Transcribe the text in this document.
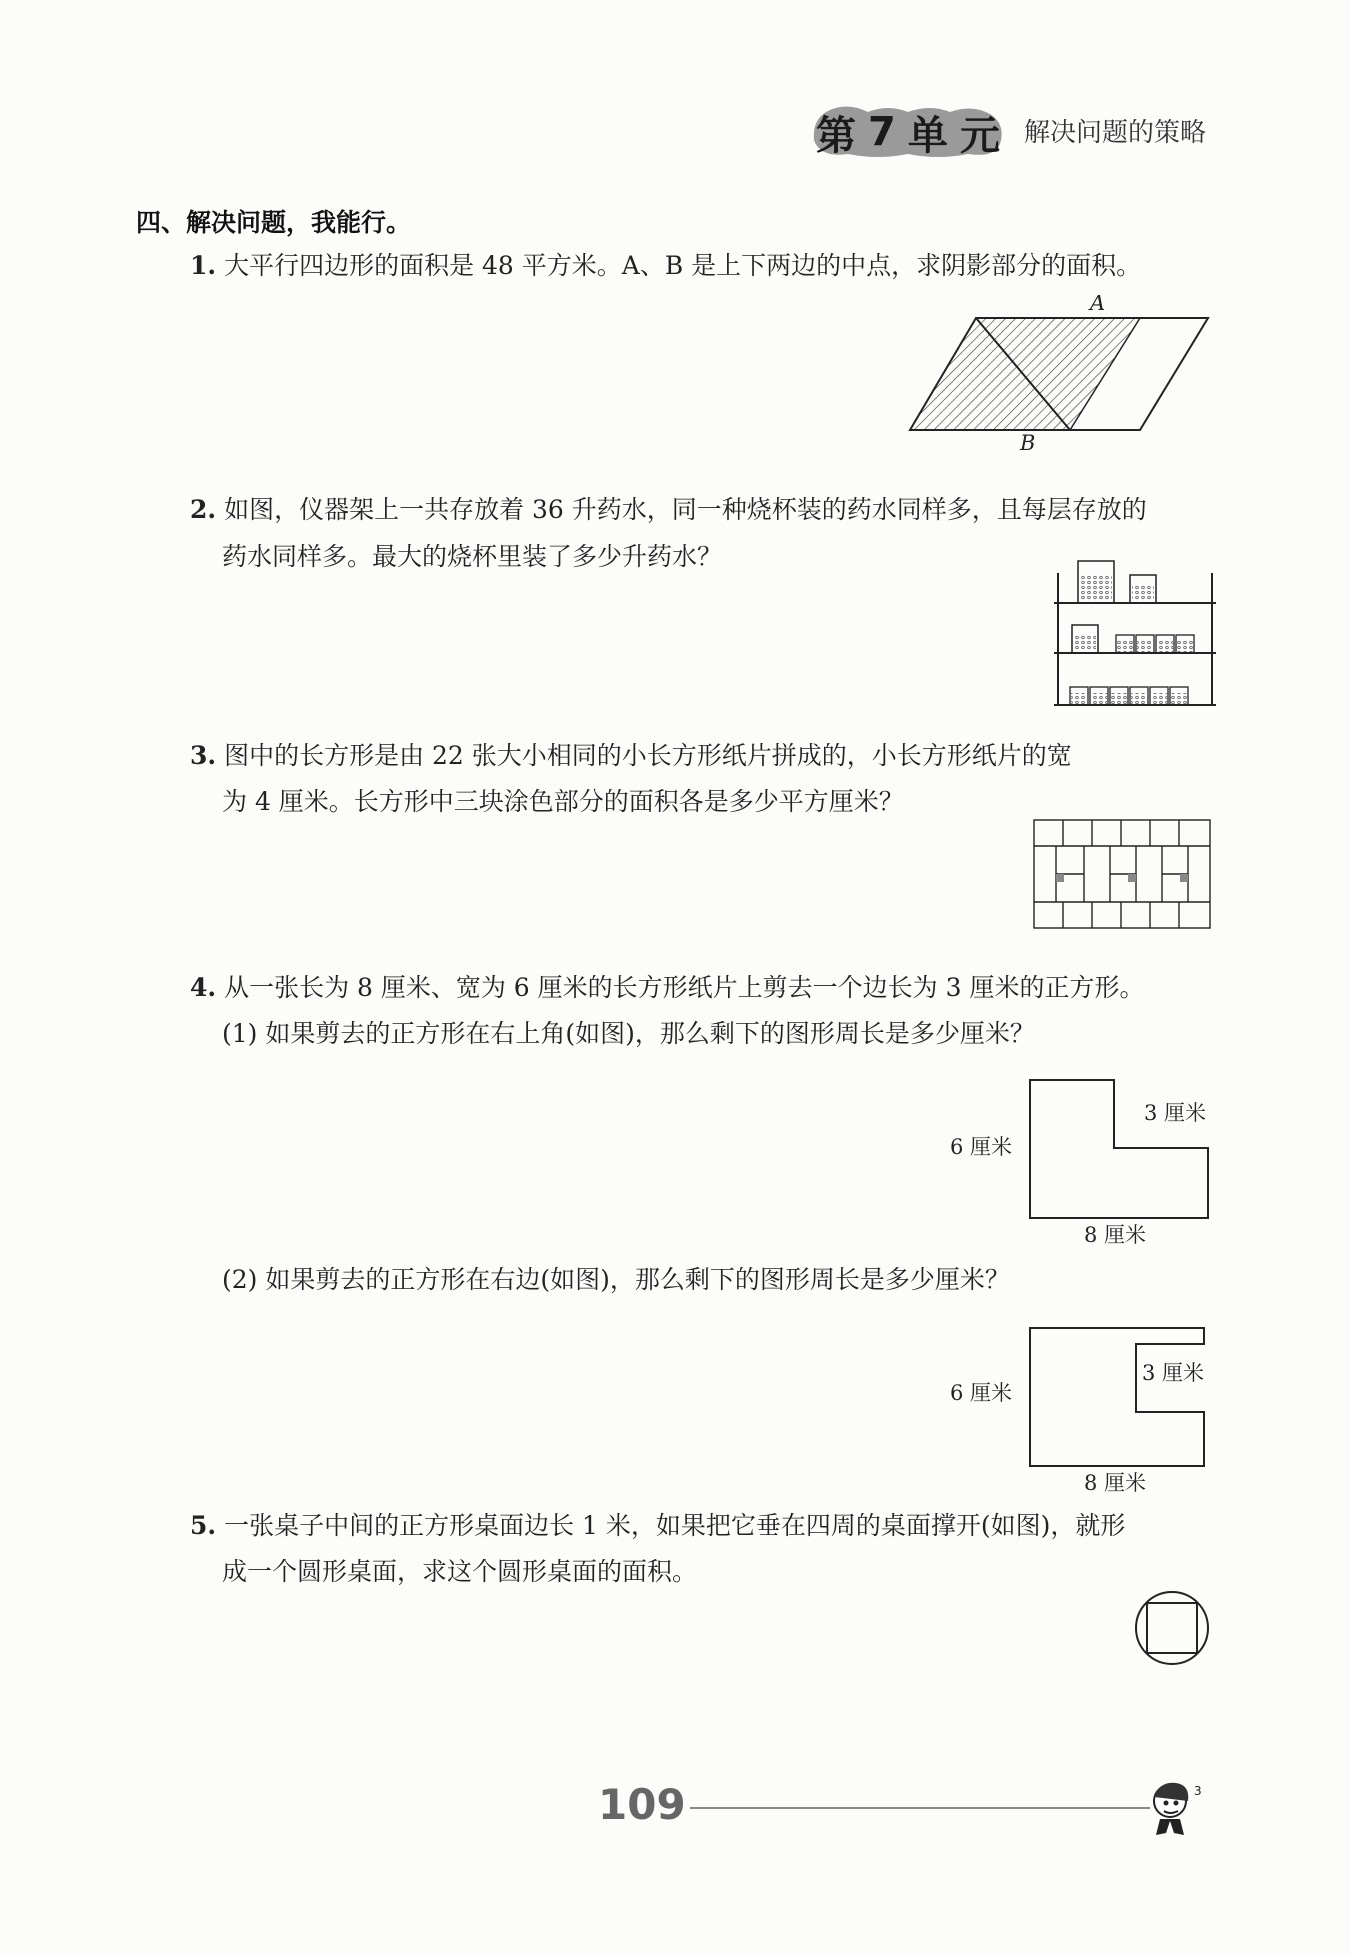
第 7 单 元 解决问题的策略
四、解决问题，我能行。
1. 大平行四边形的面积是 48 平方米。A、B 是上下两边的中点，求阴影部分的面积。
A
B
2. 如图，仪器架上一共存放着 36 升药水，同一种烧杯装的药水同样多，且每层存放的
药水同样多。最大的烧杯里装了多少升药水？
3. 图中的长方形是由 22 张大小相同的小长方形纸片拼成的，小长方形纸片的宽
为 4 厘米。长方形中三块涂色部分的面积各是多少平方厘米？
4. 从一张长为 8 厘米、宽为 6 厘米的长方形纸片上剪去一个边长为 3 厘米的正方形。
(1) 如果剪去的正方形在右上角(如图)，那么剩下的图形周长是多少厘米？
6 厘米
3 厘米
8 厘米
(2) 如果剪去的正方形在右边(如图)，那么剩下的图形周长是多少厘米？
6 厘米
3 厘米
8 厘米
5. 一张桌子中间的正方形桌面边长 1 米，如果把它垂在四周的桌面撑开(如图)，就形
成一个圆形桌面，求这个圆形桌面的面积。
109	3
